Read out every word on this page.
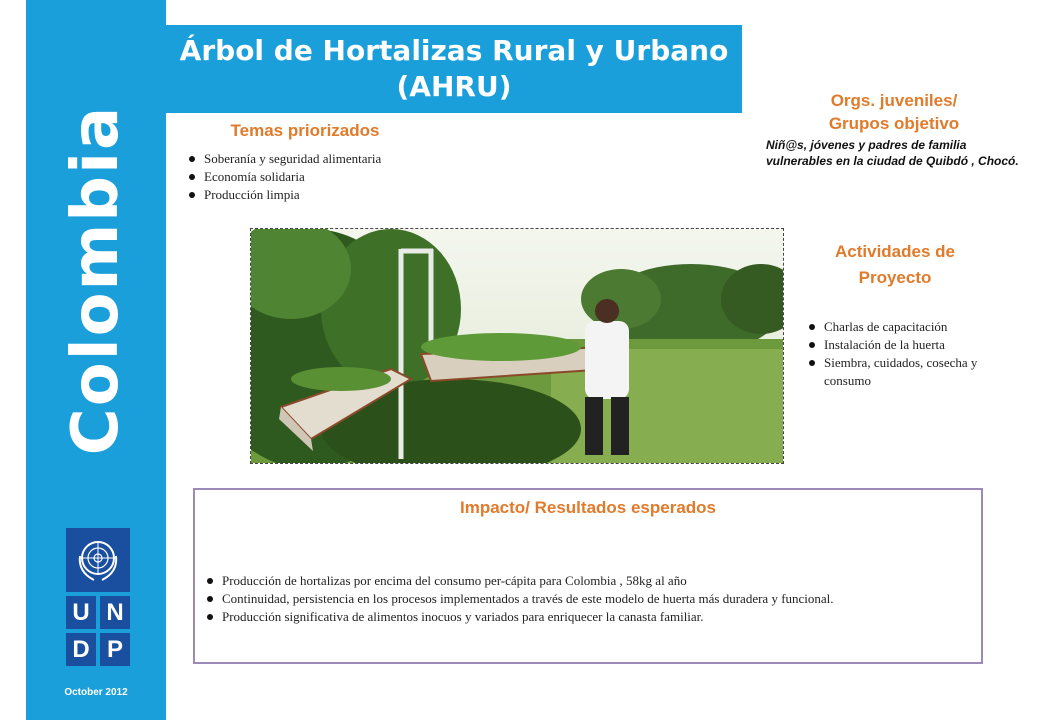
Colombia
U N
D P
October 2012
Árbol de Hortalizas Rural y Urbano
(AHRU)
Temas priorizados
Soberanía y seguridad alimentaria
Economía solidaria
Producción limpia
Orgs. juveniles/
Grupos objetivo
Niñ@s, jóvenes y padres de familia vulnerables en la ciudad de Quibdó , Chocó.
Actividades de
Proyecto
Charlas de capacitación
Instalación de la huerta
Siembra, cuidados, cosecha y consumo
Impacto/ Resultados esperados
Producción de hortalizas por encima del consumo per-cápita para Colombia , 58kg al año
Continuidad, persistencia en los procesos implementados a través de este modelo de huerta más duradera y funcional.
Producción significativa de alimentos inocuos y variados para enriquecer la canasta familiar.
